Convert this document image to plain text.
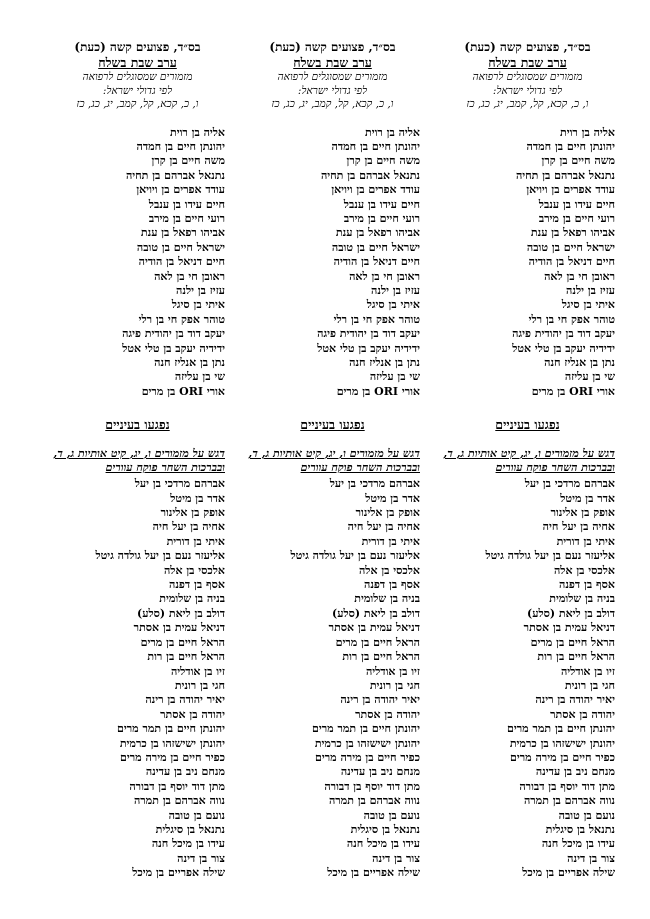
בס״ד, פצועים קשה (כעת)
ערב שבת בשלח
מזמורים שמסוגלים לרפואה
לפי גדולי ישראל:
ו, כ, קכא, קל, קמב, יג, כג, כז
אליה בן רוית
יהונתן חיים בן חמדה
משה חיים בן קרן
נתנאל אברהם בן תחיה
עודד אפרים בן ויויאן
חיים עידו בן ענבל
רועי חיים בן מירב
אביהו רפאל בן ענת
ישראל חיים בן טובה
חיים דניאל בן הודיה
ראובן חי בן לאה
עזיז בן ילנה
איתי בן סיגל
טוהר אפק חי בן רלי
יעקב דוד בן יהודית פיגה
ידידיה יעקב בן טלי אטל
נתן בן אנליז חנה
שי בן עליזה
אורי ORI בן מרים
נפגעו בעיניים
דגש על מזמורים ו, יג, קיט אותיות ג, ד, ובברכות השחר פוקח עוורים
אברהם מרדכי בן יעל
אדר בן מיטל
אופק בן אלינור
אחיה בן יעל חיה
איתי בן דורית
אליעזר נעם בן יעל גולדה גיטל
אלכסי בן אלה
אסף בן דפנה
בניה בן שלומית
דולב בן ליאת (סלע)
דניאל עמית בן אסתר
הראל חיים בן מרים
הראל חיים בן רות
זיו בן אודליה
חגי בן רונית
יאיר יהודה בן רינה
יהודה בן אסתר
יהונתן חיים בן תמר מרים
יהונתן ישישזהו בן כרמית
כפיר חיים בן מירה מרים
מנחם ניב בן עדינה
מתן דוד יוסף בן דבורה
נווה אברהם בן תמרה
נועם בן טובה
נתנאל בן סיגלית
עידו בן מיכל חנה
צור בן דינה
שילה אפריים בן מיכל
בס״ד, פצועים קשה (כעת)
ערב שבת בשלח
מזמורים שמסוגלים לרפואה
לפי גדולי ישראל:
ו, כ, קכא, קל, קמב, יג, כג, כז
אליה בן רוית
יהונתן חיים בן חמדה
משה חיים בן קרן
נתנאל אברהם בן תחיה
עודד אפרים בן ויויאן
חיים עידו בן ענבל
רועי חיים בן מירב
אביהו רפאל בן ענת
ישראל חיים בן טובה
חיים דניאל בן הודיה
ראובן חי בן לאה
עזיז בן ילנה
איתי בן סיגל
טוהר אפק חי בן רלי
יעקב דוד בן יהודית פיגה
ידידיה יעקב בן טלי אטל
נתן בן אנליז חנה
שי בן עליזה
אורי ORI בן מרים
נפגעו בעיניים
דגש על מזמורים ו, יג, קיט אותיות ג, ד, ובברכות השחר פוקח עוורים
אברהם מרדכי בן יעל
אדר בן מיטל
אופק בן אלינור
אחיה בן יעל חיה
איתי בן דורית
אליעזר נעם בן יעל גולדה גיטל
אלכסי בן אלה
אסף בן דפנה
בניה בן שלומית
דולב בן ליאת (סלע)
דניאל עמית בן אסתר
הראל חיים בן מרים
הראל חיים בן רות
זיו בן אודליה
חגי בן רונית
יאיר יהודה בן רינה
יהודה בן אסתר
יהונתן חיים בן תמר מרים
יהונתן ישישזהו בן כרמית
כפיר חיים בן מירה מרים
מנחם ניב בן עדינה
מתן דוד יוסף בן דבורה
נווה אברהם בן תמרה
נועם בן טובה
נתנאל בן סיגלית
עידו בן מיכל חנה
צור בן דינה
שילה אפריים בן מיכל
בס״ד, פצועים קשה (כעת)
ערב שבת בשלח
מזמורים שמסוגלים לרפואה
לפי גדולי ישראל:
ו, כ, קכא, קל, קמב, יג, כג, כז
אליה בן רוית
יהונתן חיים בן חמדה
משה חיים בן קרן
נתנאל אברהם בן תחיה
עודד אפרים בן ויויאן
חיים עידו בן ענבל
רועי חיים בן מירב
אביהו רפאל בן ענת
ישראל חיים בן טובה
חיים דניאל בן הודיה
ראובן חי בן לאה
עזיז בן ילנה
איתי בן סיגל
טוהר אפק חי בן רלי
יעקב דוד בן יהודית פיגה
ידידיה יעקב בן טלי אטל
נתן בן אנליז חנה
שי בן עליזה
אורי ORI בן מרים
נפגעו בעיניים
דגש על מזמורים ו, יג, קיט אותיות ג, ד, ובברכות השחר פוקח עוורים
אברהם מרדכי בן יעל
אדר בן מיטל
אופק בן אלינור
אחיה בן יעל חיה
איתי בן דורית
אליעזר נעם בן יעל גולדה גיטל
אלכסי בן אלה
אסף בן דפנה
בניה בן שלומית
דולב בן ליאת (סלע)
דניאל עמית בן אסתר
הראל חיים בן מרים
הראל חיים בן רות
זיו בן אודליה
חגי בן רונית
יאיר יהודה בן רינה
יהודה בן אסתר
יהונתן חיים בן תמר מרים
יהונתן ישישזהו בן כרמית
כפיר חיים בן מירה מרים
מנחם ניב בן עדינה
מתן דוד יוסף בן דבורה
נווה אברהם בן תמרה
נועם בן טובה
נתנאל בן סיגלית
עידו בן מיכל חנה
צור בן דינה
שילה אפריים בן מיכל
